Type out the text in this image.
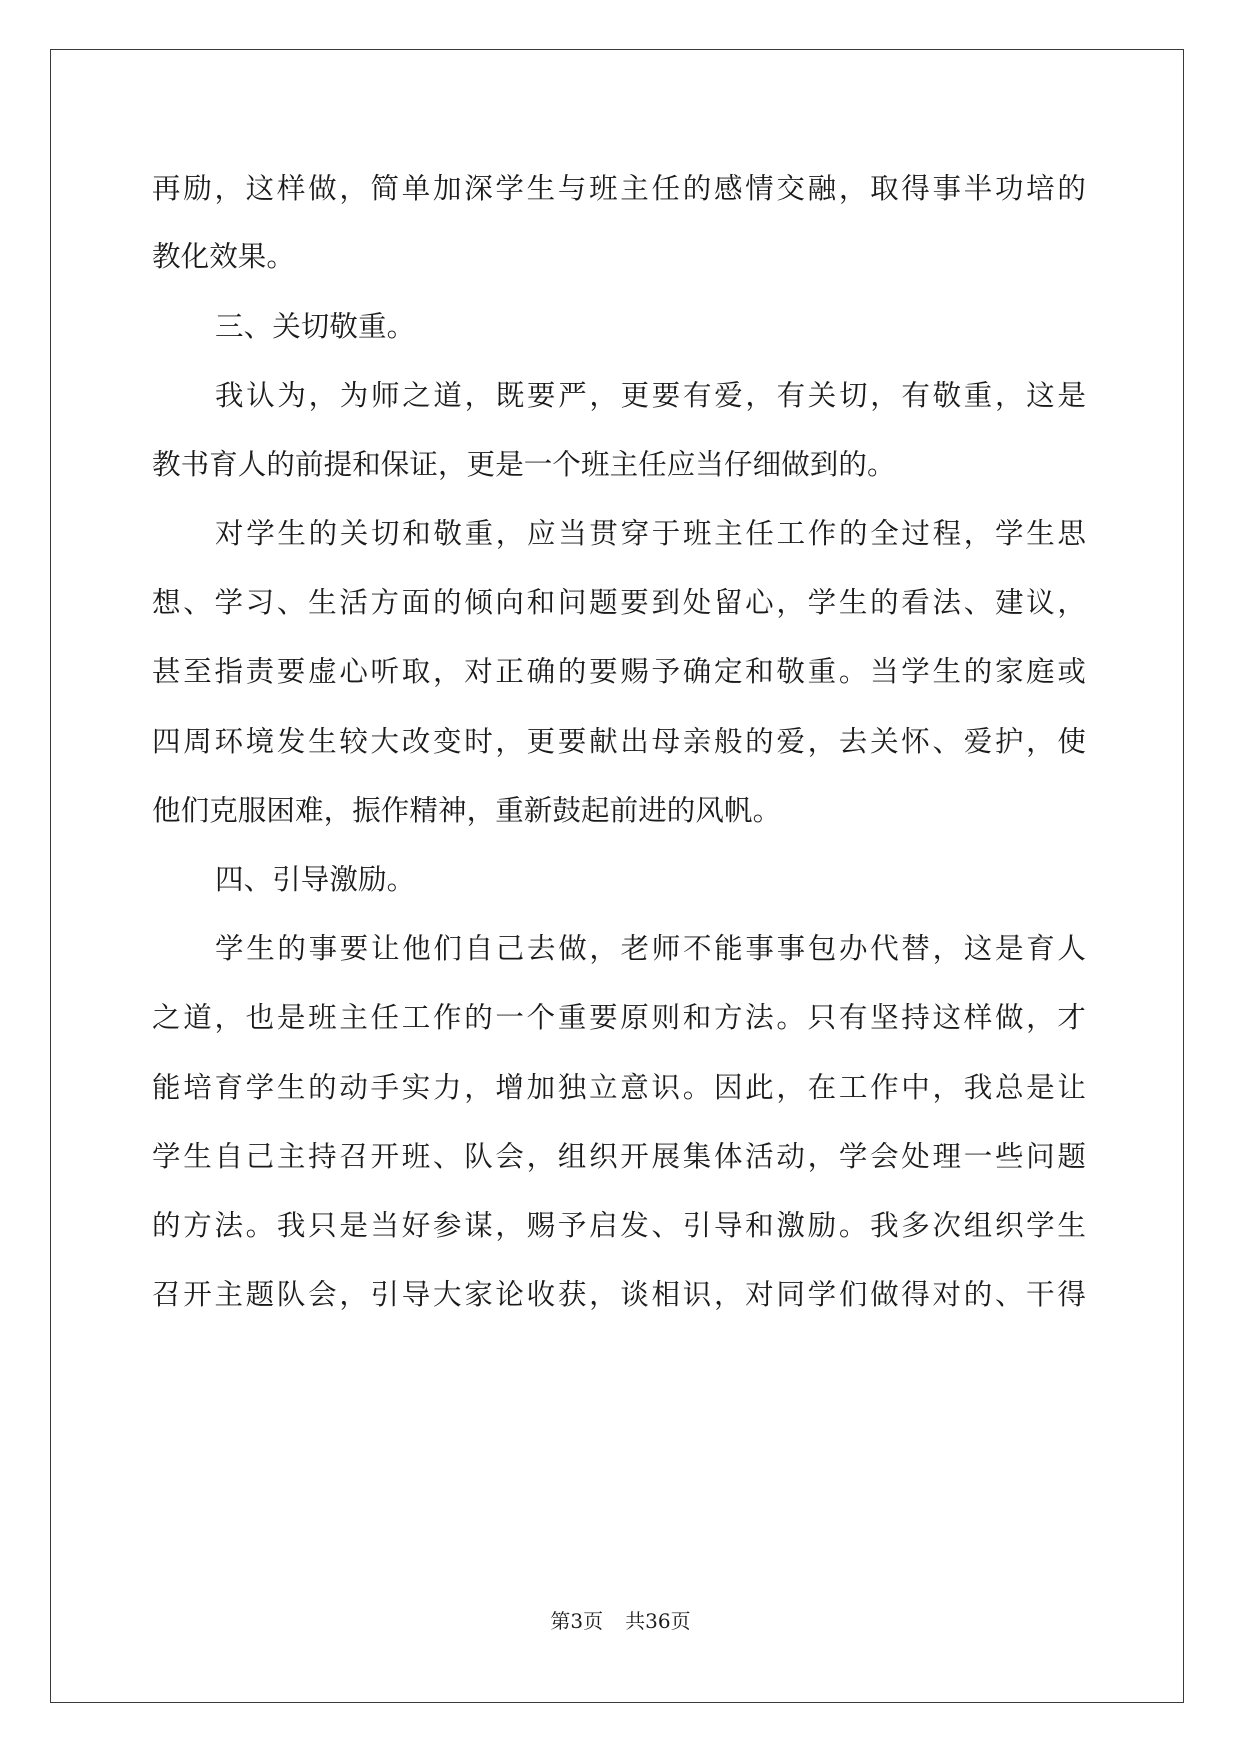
再励，这样做，简单加深学生与班主任的感情交融，取得事半功培的
教化效果。
三、关切敬重。
我认为，为师之道，既要严，更要有爱，有关切，有敬重，这是
教书育人的前提和保证，更是一个班主任应当仔细做到的。
对学生的关切和敬重，应当贯穿于班主任工作的全过程，学生思
想、学习、生活方面的倾向和问题要到处留心，学生的看法、建议，
甚至指责要虚心听取，对正确的要赐予确定和敬重。当学生的家庭或
四周环境发生较大改变时，更要献出母亲般的爱，去关怀、爱护，使
他们克服困难，振作精神，重新鼓起前进的风帆。
四、引导激励。
学生的事要让他们自己去做，老师不能事事包办代替，这是育人
之道，也是班主任工作的一个重要原则和方法。只有坚持这样做，才
能培育学生的动手实力，增加独立意识。因此，在工作中，我总是让
学生自己主持召开班、队会，组织开展集体活动，学会处理一些问题
的方法。我只是当好参谋，赐予启发、引导和激励。我多次组织学生
召开主题队会，引导大家论收获，谈相识，对同学们做得对的、干得
第3页 共36页
